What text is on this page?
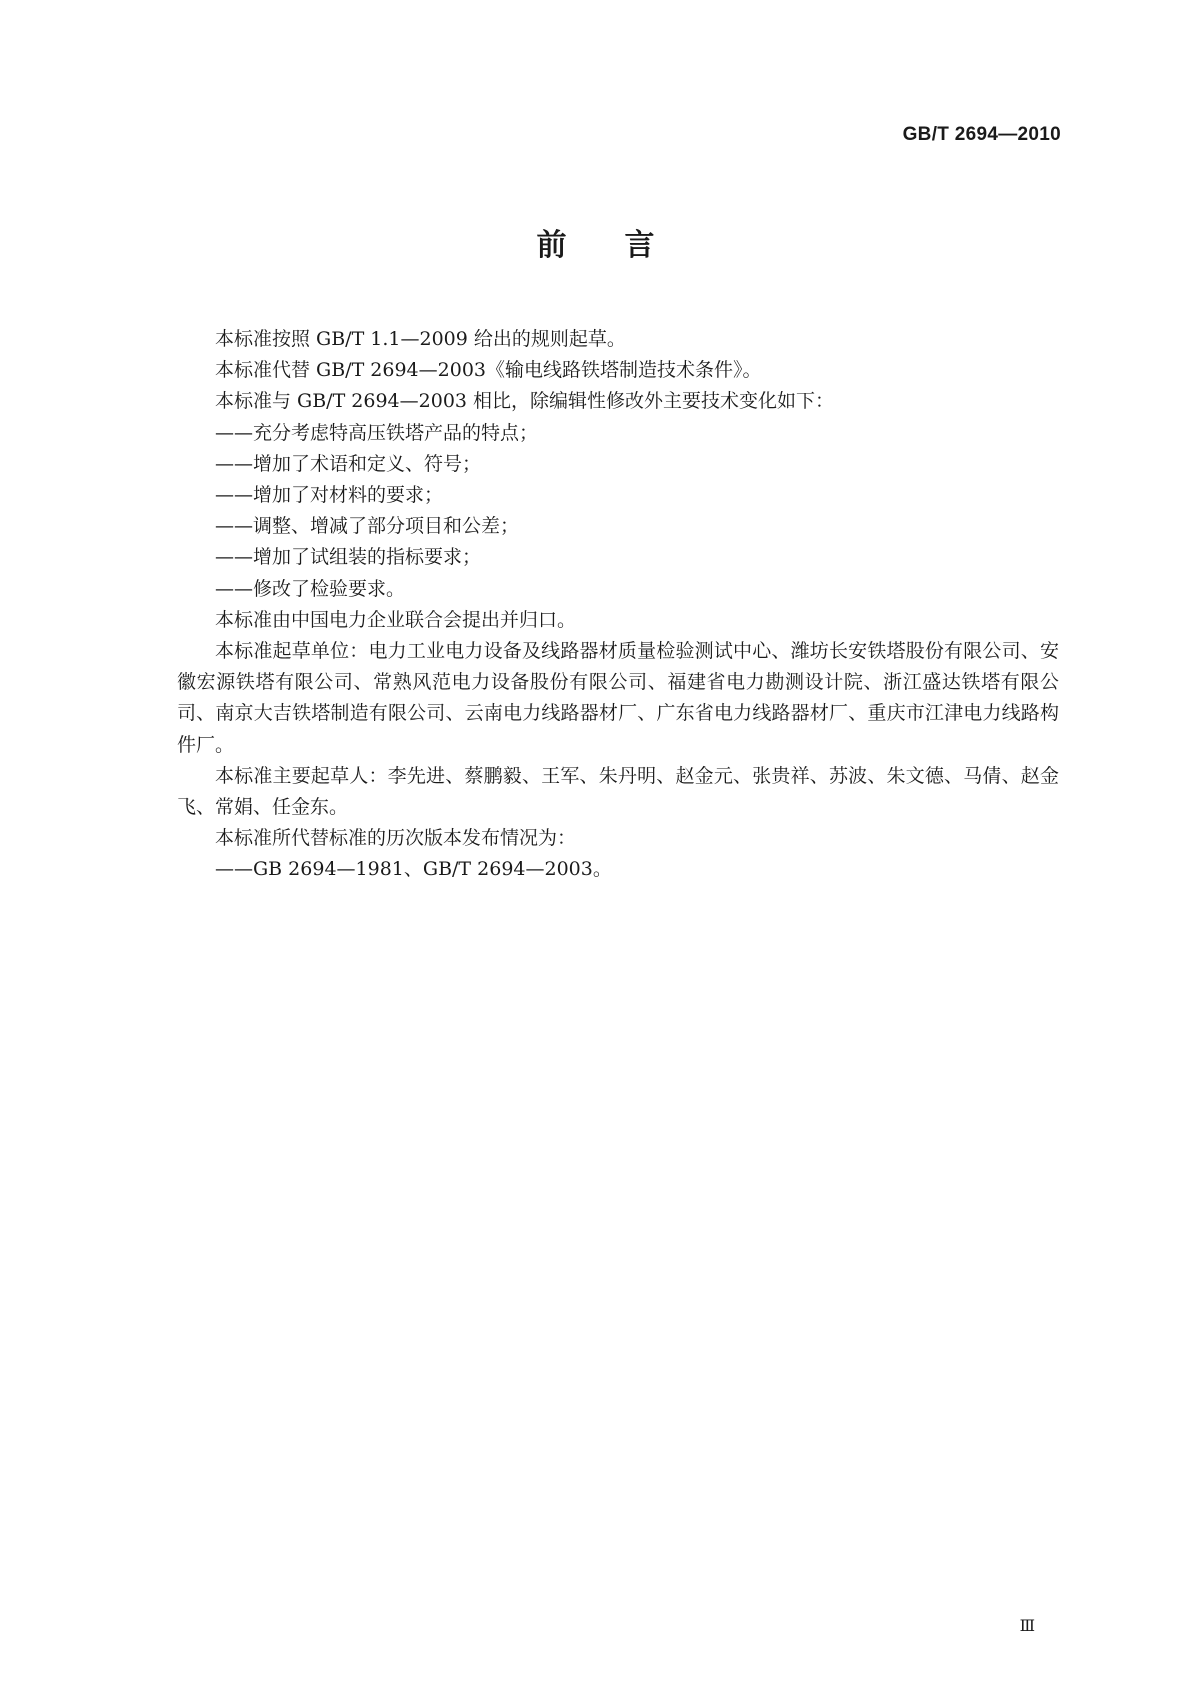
GB/T 2694—2010
前言

本标准按照 GB/T 1.1—2009 给出的规则起草。

本标准代替 GB/T 2694—2003《输电线路铁塔制造技术条件》。

本标准与 GB/T 2694—2003 相比，除编辑性修改外主要技术变化如下：

——充分考虑特高压铁塔产品的特点；

——增加了术语和定义、符号；

——增加了对材料的要求；

——调整、增减了部分项目和公差；

——增加了试组装的指标要求；

——修改了检验要求。

本标准由中国电力企业联合会提出并归口。

本标准起草单位：电力工业电力设备及线路器材质量检验测试中心、潍坊长安铁塔股份有限公司、安徽宏源铁塔有限公司、常熟风范电力设备股份有限公司、福建省电力勘测设计院、浙江盛达铁塔有限公司、南京大吉铁塔制造有限公司、云南电力线路器材厂、广东省电力线路器材厂、重庆市江津电力线路构件厂。

本标准主要起草人：李先进、蔡鹏毅、王军、朱丹明、赵金元、张贵祥、苏波、朱文德、马倩、赵金飞、常娟、任金东。

本标准所代替标准的历次版本发布情况为：

——GB 2694—1981、GB/T 2694—2003。

Ⅲ
